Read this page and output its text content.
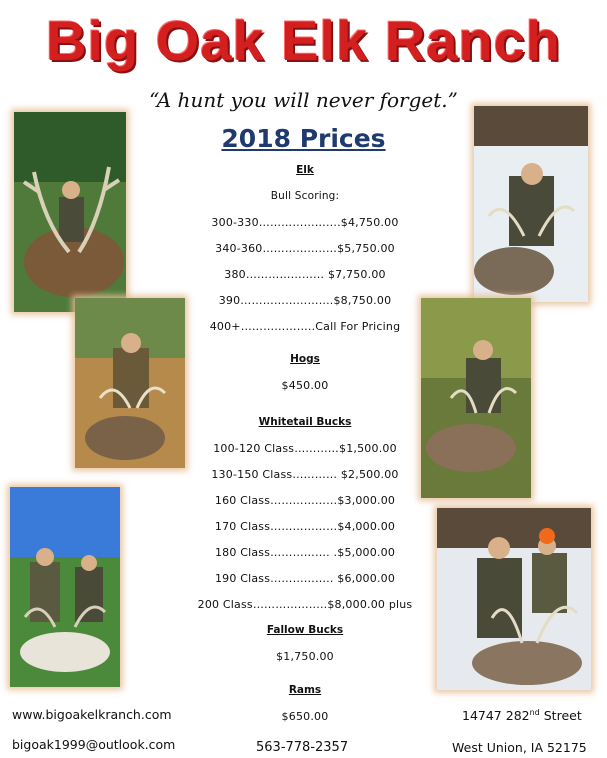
Big Oak Elk Ranch
“A hunt you will never forget.”
2018 Prices
Elk
Bull Scoring:
300-330………………....$4,750.00
340-360……………..…$5,750.00
380………………… $7,750.00
390…………………....$8,750.00
400+………………..Call For Pricing
Hogs
$450.00
Whitetail Bucks
100-120 Class…………$1,500.00
130-150 Class………… $2,500.00
160 Class………………$3,000.00
170 Class………………$4,000.00
180 Class……………. .$5,000.00
190 Class…………….. $6,000.00
200 Class…………….....$8,000.00 plus
Fallow Bucks
$1,750.00
Rams
$650.00
www.bigoakelkranch.com
bigoak1999@outlook.com	563-778-2357
14747 282nd Street
West Union, IA 52175
